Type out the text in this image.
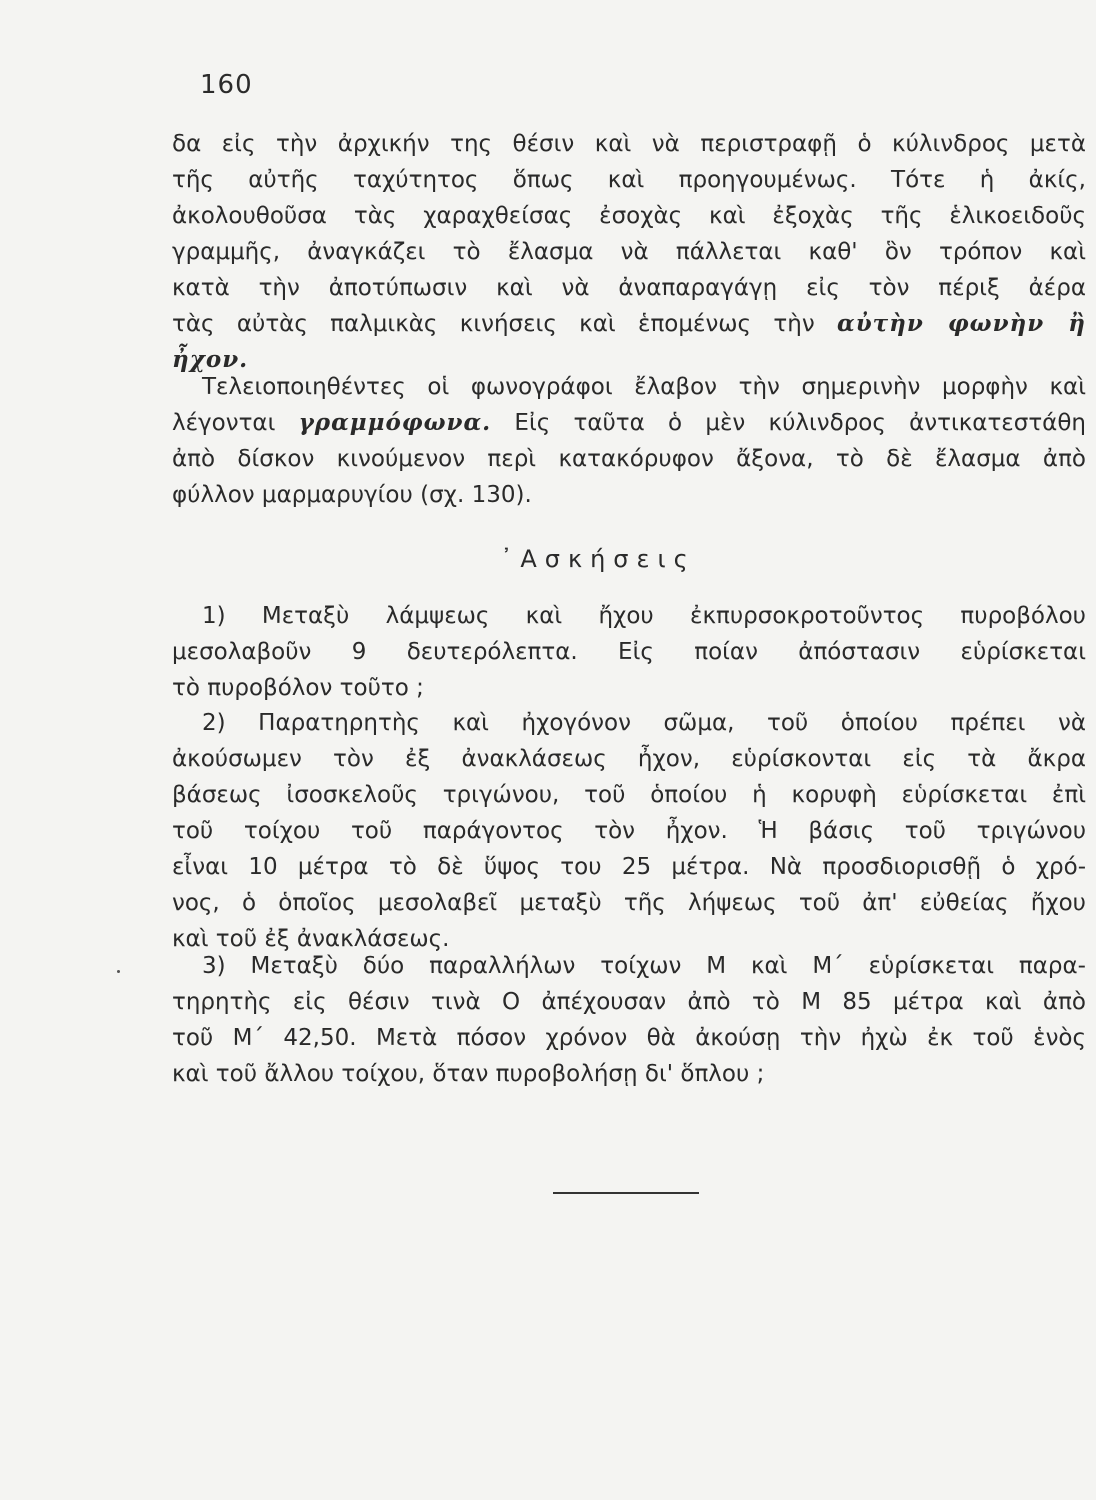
160
δα εἰς τὴν ἀρχικήν της θέσιν καὶ νὰ περιστραφῇ ὁ κύλινδρος μετὰ
τῆς αὐτῆς ταχύτητος ὅπως καὶ προηγουμένως. Τότε ἡ ἀκίς,
ἀκολουθοῦσα τὰς χαραχθείσας ἐσοχὰς καὶ ἐξοχὰς τῆς ἑλικοειδοῦς
γραμμῆς, ἀναγκάζει τὸ ἔλασμα νὰ πάλλεται καθ' ὃν τρόπον καὶ
κατὰ τὴν ἀποτύπωσιν καὶ νὰ ἀναπαραγάγῃ εἰς τὸν πέριξ ἀέρα
τὰς αὐτὰς παλμικὰς κινήσεις καὶ ἑπομένως τὴν αὐτὴν φωνὴν ἢ
ἦχον.
Τελειοποιηθέντες οἱ φωνογράφοι ἔλαβον τὴν σημερινὴν μορφὴν καὶ
λέγονται γραμμόφωνα. Εἰς ταῦτα ὁ μὲν κύλινδρος ἀντικατεστάθη
ἀπὸ δίσκον κινούμενον περὶ κατακόρυφον ἄξονα, τὸ δὲ ἔλασμα ἀπὸ
φύλλον μαρμαρυγίου (σχ. 130).
᾿Ασκήσεις
1) Μεταξὺ λάμψεως καὶ ἤχου ἐκπυρσοκροτοῦντος πυροβόλου
μεσολαβοῦν 9 δευτερόλεπτα. Εἰς ποίαν ἀπόστασιν εὑρίσκεται
τὸ πυροβόλον τοῦτο ;
2) Παρατηρητὴς καὶ ἠχογόνον σῶμα, τοῦ ὁποίου πρέπει νὰ
ἀκούσωμεν τὸν ἐξ ἀνακλάσεως ἦχον, εὑρίσκονται εἰς τὰ ἄκρα
βάσεως ἰσοσκελοῦς τριγώνου, τοῦ ὁποίου ἡ κορυφὴ εὑρίσκεται ἐπὶ
τοῦ τοίχου τοῦ παράγοντος τὸν ἦχον. Ἡ βάσις τοῦ τριγώνου
εἶναι 10 μέτρα τὸ δὲ ὕψος του 25 μέτρα. Νὰ προσδιορισθῇ ὁ χρό-
νος, ὁ ὁποῖος μεσολαβεῖ μεταξὺ τῆς λήψεως τοῦ ἀπ' εὐθείας ἤχου
καὶ τοῦ ἐξ ἀνακλάσεως.
3) Μεταξὺ δύο παραλλήλων τοίχων Μ καὶ Μ΄ εὑρίσκεται παρα-
τηρητὴς εἰς θέσιν τινὰ Ο ἀπέχουσαν ἀπὸ τὸ Μ 85 μέτρα καὶ ἀπὸ
τοῦ Μ΄ 42,50. Μετὰ πόσον χρόνον θὰ ἀκούσῃ τὴν ἠχὼ ἐκ τοῦ ἑνὸς
καὶ τοῦ ἄλλου τοίχου, ὅταν πυροβολήσῃ δι' ὅπλου ;
